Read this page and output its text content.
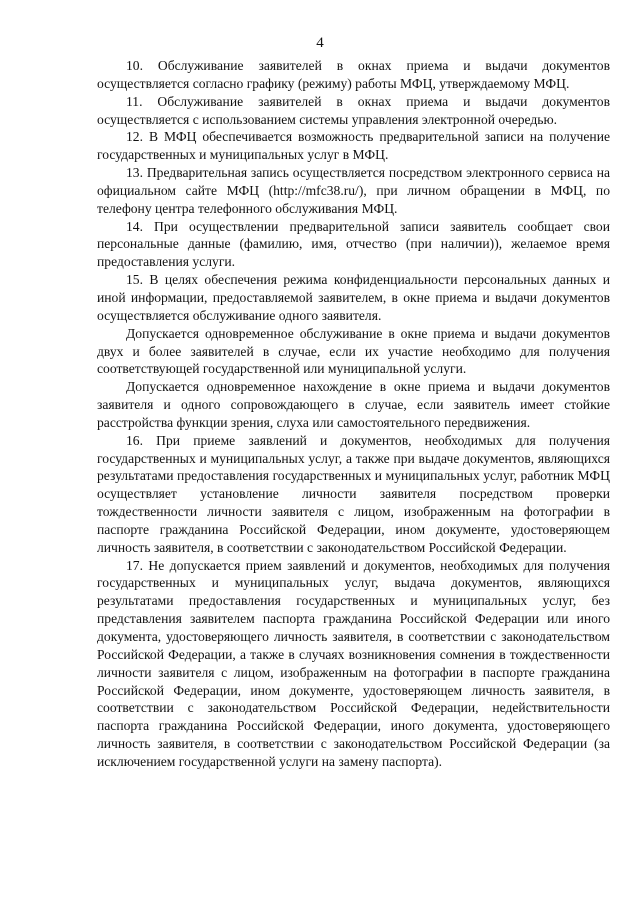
4

10. Обслуживание заявителей в окнах приема и выдачи документов осуществляется согласно графику (режиму) работы МФЦ, утверждаемому МФЦ.

11. Обслуживание заявителей в окнах приема и выдачи документов осуществляется с использованием системы управления электронной очередью.

12. В МФЦ обеспечивается возможность предварительной записи на получение государственных и муниципальных услуг в МФЦ.

13. Предварительная запись осуществляется посредством электронного сервиса на официальном сайте МФЦ (http://mfc38.ru/), при личном обращении в МФЦ, по телефону центра телефонного обслуживания МФЦ.

14. При осуществлении предварительной записи заявитель сообщает свои персональные данные (фамилию, имя, отчество (при наличии)), желаемое время предоставления услуги.

15. В целях обеспечения режима конфиденциальности персональных данных и иной информации, предоставляемой заявителем, в окне приема и выдачи документов осуществляется обслуживание одного заявителя.

Допускается одновременное обслуживание в окне приема и выдачи документов двух и более заявителей в случае, если их участие необходимо для получения соответствующей государственной или муниципальной услуги.

Допускается одновременное нахождение в окне приема и выдачи документов заявителя и одного сопровождающего в случае, если заявитель имеет стойкие расстройства функции зрения, слуха или самостоятельного передвижения.

16. При приеме заявлений и документов, необходимых для получения государственных и муниципальных услуг, а также при выдаче документов, являющихся результатами предоставления государственных и муниципальных услуг, работник МФЦ осуществляет установление личности заявителя посредством проверки тождественности личности заявителя с лицом, изображенным на фотографии в паспорте гражданина Российской Федерации, ином документе, удостоверяющем личность заявителя, в соответствии с законодательством Российской Федерации.

17. Не допускается прием заявлений и документов, необходимых для получения государственных и муниципальных услуг, выдача документов, являющихся результатами предоставления государственных и муниципальных услуг, без представления заявителем паспорта гражданина Российской Федерации или иного документа, удостоверяющего личность заявителя, в соответствии с законодательством Российской Федерации, а также в случаях возникновения сомнения в тождественности личности заявителя с лицом, изображенным на фотографии в паспорте гражданина Российской Федерации, ином документе, удостоверяющем личность заявителя, в соответствии с законодательством Российской Федерации, недействительности паспорта гражданина Российской Федерации, иного документа, удостоверяющего личность заявителя, в соответствии с законодательством Российской Федерации (за исключением государственной услуги на замену паспорта).
